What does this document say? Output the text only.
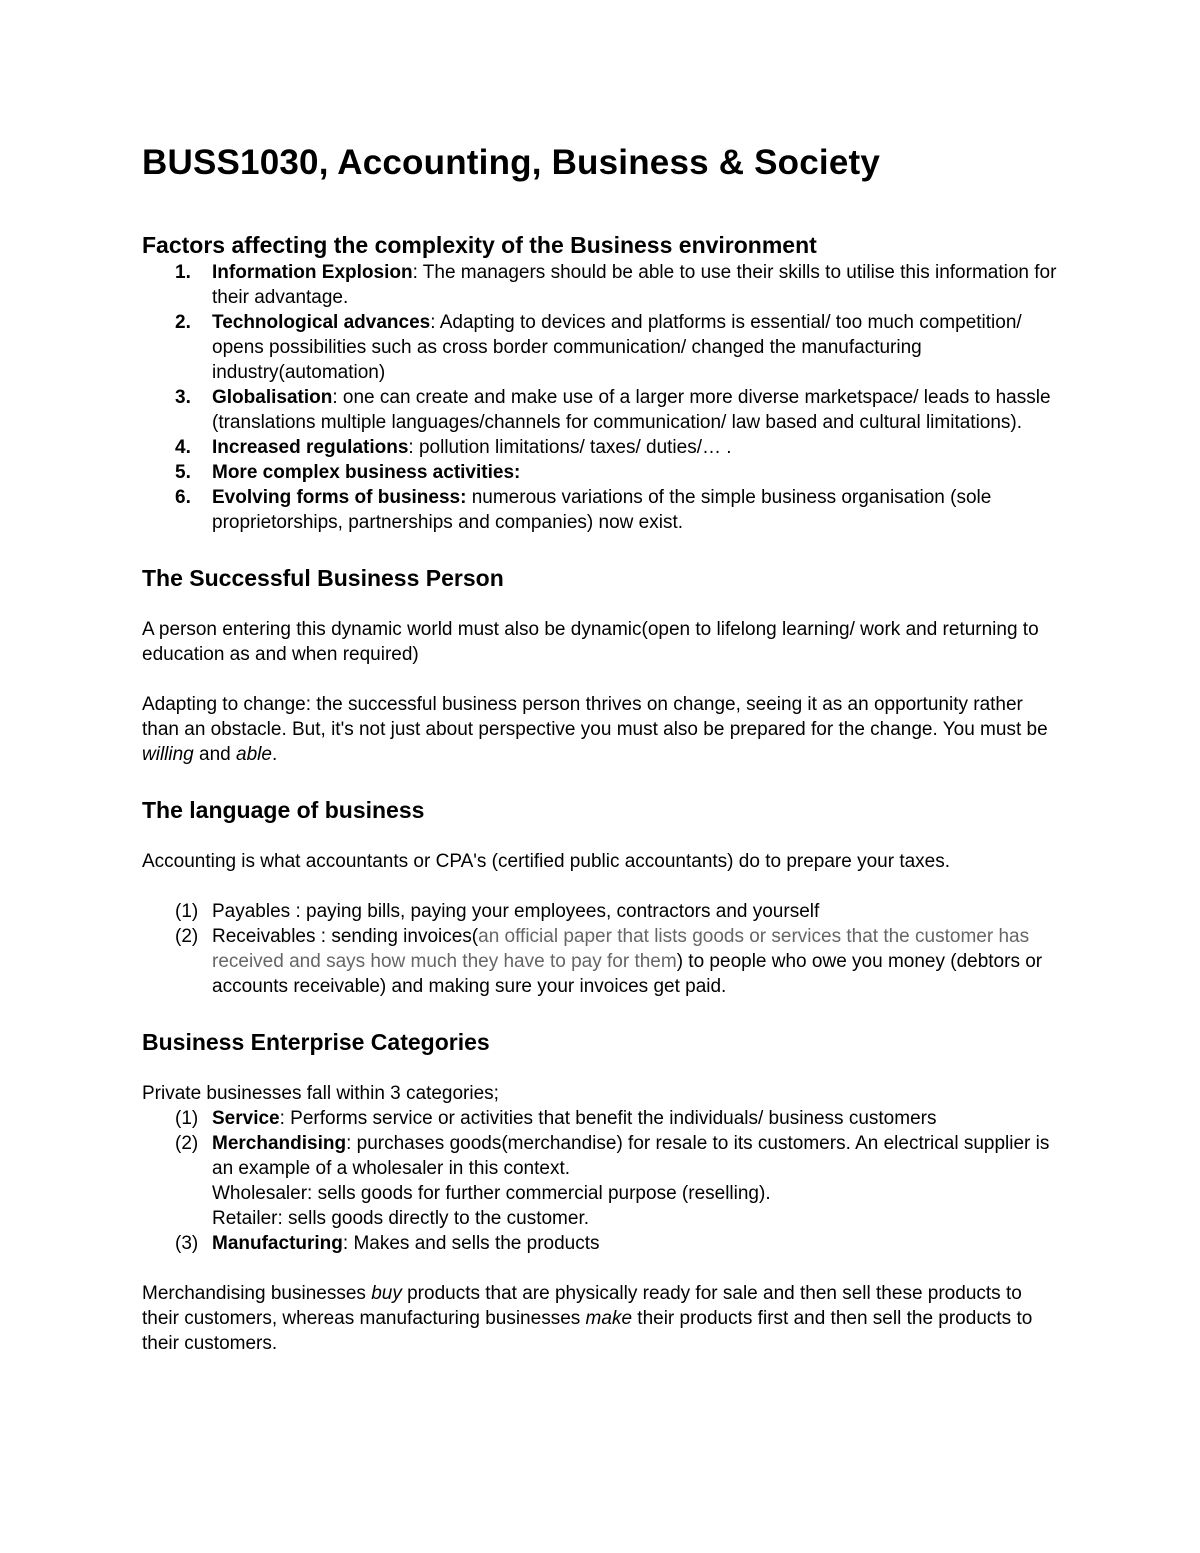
BUSS1030, Accounting, Business & Society
Factors affecting the complexity of the Business environment
1. Information Explosion: The managers should be able to use their skills to utilise this information for their advantage.
2. Technological advances: Adapting to devices and platforms is essential/ too much competition/ opens possibilities such as cross border communication/ changed the manufacturing industry(automation)
3. Globalisation: one can create and make use of a larger more diverse marketspace/ leads to hassle (translations multiple languages/channels for communication/ law based and cultural limitations).
4. Increased regulations: pollution limitations/ taxes/ duties/… .
5. More complex business activities:
6. Evolving forms of business: numerous variations of the simple business organisation (sole proprietorships, partnerships and companies) now exist.
The Successful Business Person

A person entering this dynamic world must also be dynamic(open to lifelong learning/ work and returning to education as and when required)

Adapting to change: the successful business person thrives on change, seeing it as an opportunity rather than an obstacle. But, it's not just about perspective you must also be prepared for the change. You must be willing and able.

The language of business

Accounting is what accountants or CPA's (certified public accountants) do to prepare your taxes.

(1) Payables : paying bills, paying your employees, contractors and yourself
(2) Receivables : sending invoices(an official paper that lists goods or services that the customer has received and says how much they have to pay for them) to people who owe you money (debtors or accounts receivable) and making sure your invoices get paid.
Business Enterprise Categories

Private businesses fall within 3 categories;

(1) Service: Performs service or activities that benefit the individuals/ business customers
(2) Merchandising: purchases goods(merchandise) for resale to its customers. An electrical supplier is an example of a wholesaler in this context.
Wholesaler: sells goods for further commercial purpose (reselling).
Retailer: sells goods directly to the customer.
(3) Manufacturing: Makes and sells the products

Merchandising businesses buy products that are physically ready for sale and then sell these products to their customers, whereas manufacturing businesses make their products first and then sell the products to their customers.
